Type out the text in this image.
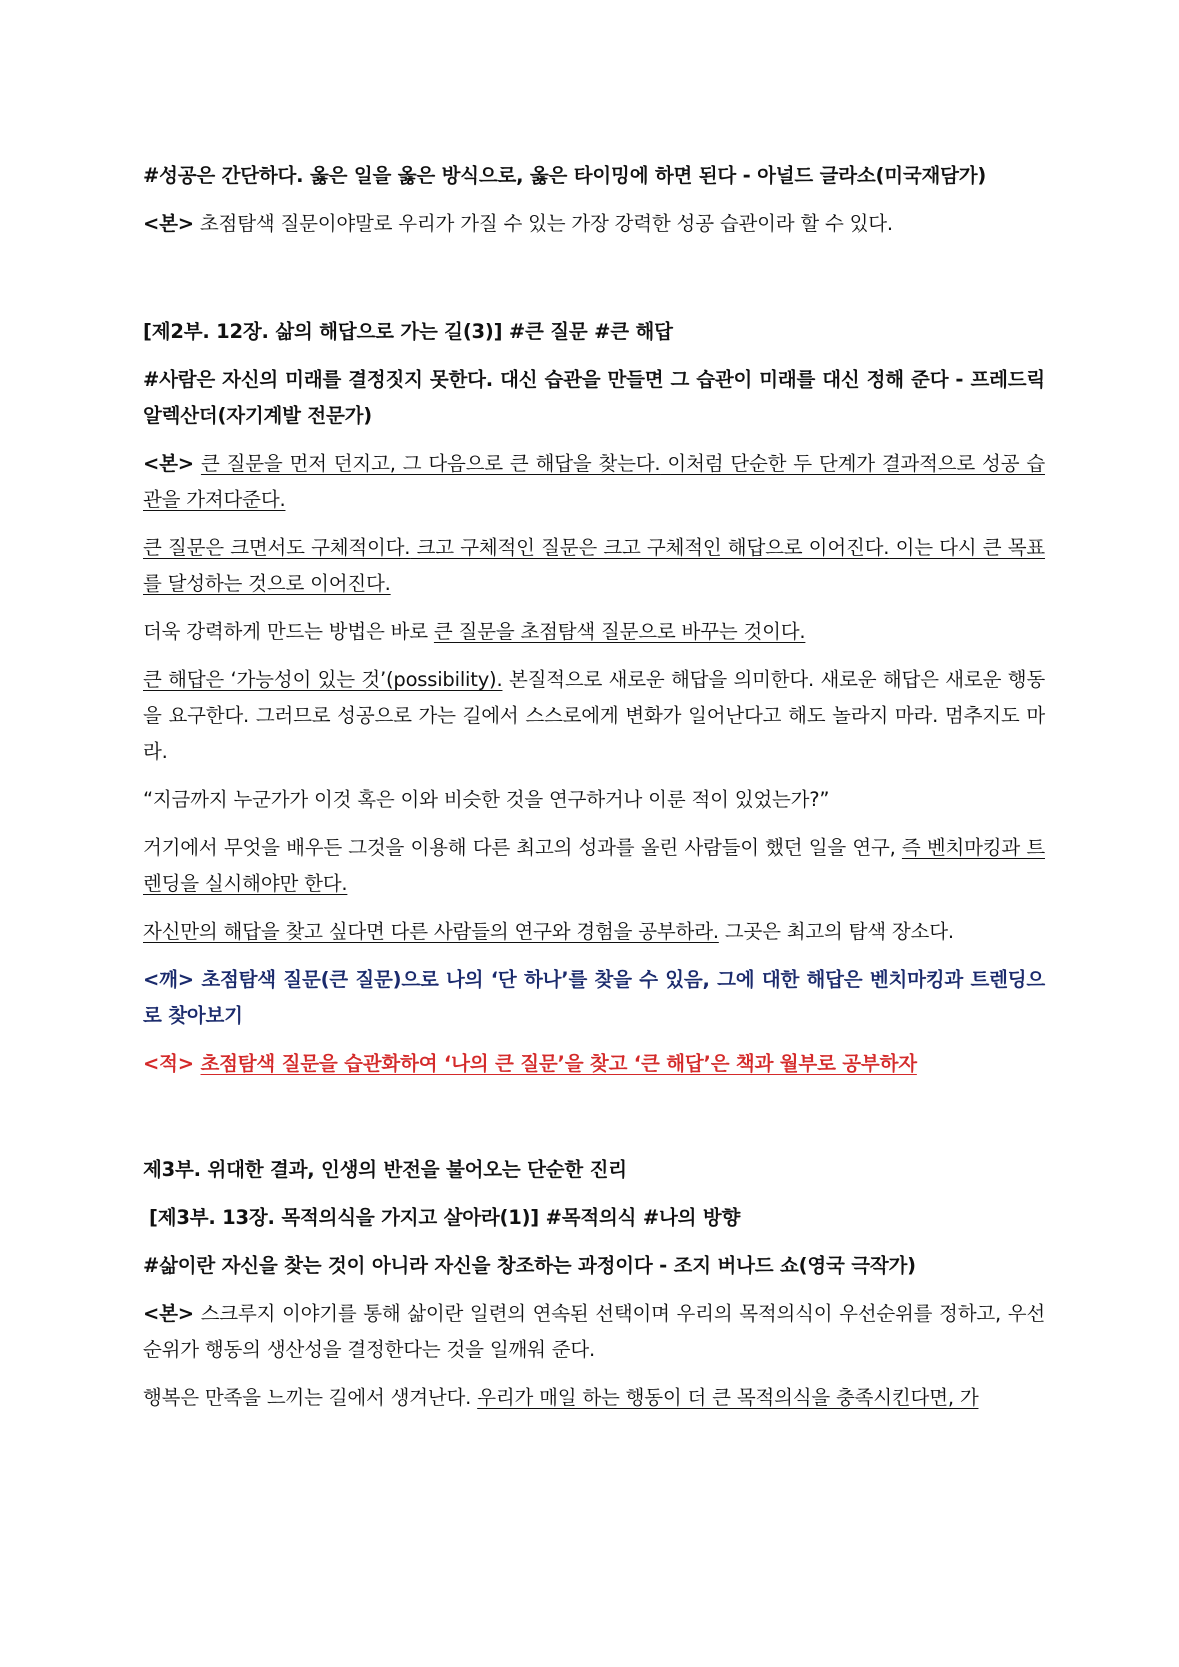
#성공은 간단하다. 옳은 일을 옳은 방식으로, 옳은 타이밍에 하면 된다 - 아널드 글라소(미국재담가)

<본> 초점탐색 질문이야말로 우리가 가질 수 있는 가장 강력한 성공 습관이라 할 수 있다.

[제2부. 12장. 삶의 해답으로 가는 길(3)] #큰 질문 #큰 해답

#사람은 자신의 미래를 결정짓지 못한다. 대신 습관을 만들면 그 습관이 미래를 대신 정해 준다 - 프레드릭 알렉산더(자기계발 전문가)

<본> 큰 질문을 먼저 던지고, 그 다음으로 큰 해답을 찾는다. 이처럼 단순한 두 단계가 결과적으로 성공 습관을 가져다준다.

큰 질문은 크면서도 구체적이다. 크고 구체적인 질문은 크고 구체적인 해답으로 이어진다. 이는 다시 큰 목표를 달성하는 것으로 이어진다.

더욱 강력하게 만드는 방법은 바로 큰 질문을 초점탐색 질문으로 바꾸는 것이다.

큰 해답은 ‘가능성이 있는 것’(possibility). 본질적으로 새로운 해답을 의미한다. 새로운 해답은 새로운 행동을 요구한다. 그러므로 성공으로 가는 길에서 스스로에게 변화가 일어난다고 해도 놀라지 마라. 멈추지도 마라.

“지금까지 누군가가 이것 혹은 이와 비슷한 것을 연구하거나 이룬 적이 있었는가?”

거기에서 무엇을 배우든 그것을 이용해 다른 최고의 성과를 올린 사람들이 했던 일을 연구, 즉 벤치마킹과 트렌딩을 실시해야만 한다.

자신만의 해답을 찾고 싶다면 다른 사람들의 연구와 경험을 공부하라. 그곳은 최고의 탐색 장소다.

<깨> 초점탐색 질문(큰 질문)으로 나의 ‘단 하나’를 찾을 수 있음, 그에 대한 해답은 벤치마킹과 트렌딩으로 찾아보기

<적> 초점탐색 질문을 습관화하여 ‘나의 큰 질문’을 찾고 ‘큰 해답’은 책과 월부로 공부하자

제3부. 위대한 결과, 인생의 반전을 불어오는 단순한 진리

[제3부. 13장. 목적의식을 가지고 살아라(1)] #목적의식 #나의 방향

#삶이란 자신을 찾는 것이 아니라 자신을 창조하는 과정이다 - 조지 버나드 쇼(영국 극작가)

<본> 스크루지 이야기를 통해 삶이란 일련의 연속된 선택이며 우리의 목적의식이 우선순위를 정하고, 우선순위가 행동의 생산성을 결정한다는 것을 일깨워 준다.

행복은 만족을 느끼는 길에서 생겨난다. 우리가 매일 하는 행동이 더 큰 목적의식을 충족시킨다면, 가
